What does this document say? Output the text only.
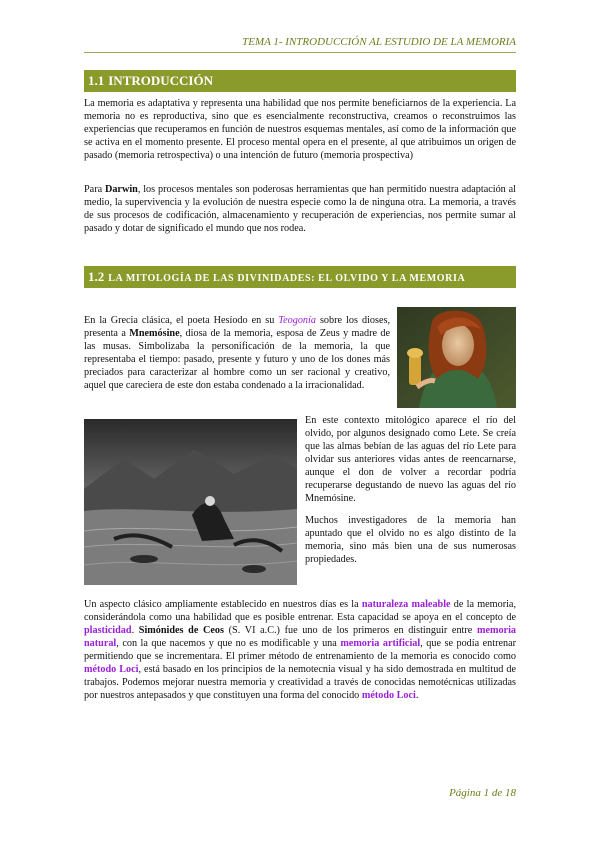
TEMA 1- INTRODUCCIÓN AL ESTUDIO DE LA MEMORIA
1.1 INTRODUCCIÓN
La memoria es adaptativa y representa una habilidad que nos permite beneficiarnos de la experiencia. La memoria no es reproductiva, sino que es esencialmente reconstructiva, creamos o reconstruimos las experiencias que recuperamos en función de nuestros esquemas mentales, así como de la información que se activa en el momento presente. El proceso mental opera en el presente, al que atribuimos un origen de pasado (memoria retrospectiva) o una intención de futuro (memoria prospectiva)
Para Darwin, los procesos mentales son poderosas herramientas que han permitido nuestra adaptación al medio, la supervivencia y la evolución de nuestra especie como la de ninguna otra. La memoria, a través de sus procesos de codificación, almacenamiento y recuperación de experiencias, nos permite sumar al pasado y dotar de significado el mundo que nos rodea.
1.2 LA MITOLOGÍA DE LAS DIVINIDADES: EL OLVIDO Y LA MEMORIA
En la Grecia clásica, el poeta Hesíodo en su Teogonía sobre los dioses, presenta a Mnemósine, diosa de la memoria, esposa de Zeus y madre de las musas. Simbolizaba la personificación de la memoria, la que representaba el tiempo: pasado, presente y futuro y uno de los dones más preciados para caracterizar al hombre como un ser racional y creativo, aquel que careciera de este don estaba condenado a la irracionalidad.
En este contexto mitológico aparece el río del olvido, por algunos designado como Lete. Se creía que las almas bebían de las aguas del río Lete para olvidar sus anteriores vidas antes de reencarnarse, aunque el don de volver a recordar podría recuperarse degustando de nuevo las aguas del río Mnemósine.
Muchos investigadores de la memoria han apuntado que el olvido no es algo distinto de la memoria, sino más bien una de sus numerosas propiedades.
Un aspecto clásico ampliamente establecido en nuestros días es la naturaleza maleable de la memoria, considerándola como una habilidad que es posible entrenar. Esta capacidad se apoya en el concepto de plasticidad. Simónides de Ceos (S. VI a.C.) fue uno de los primeros en distinguir entre memoria natural, con la que nacemos y que no es modificable y una memoria artificial, que se podía entrenar permitiendo que se incrementara. El primer método de entrenamiento de la memoria es conocido como método Loci, está basado en los principios de la nemotecnia visual y ha sido demostrada en multitud de trabajos. Podemos mejorar nuestra memoria y creatividad a través de conocidas nemotécnicas utilizadas por nuestros antepasados y que constituyen una forma del conocido método Loci.
Página 1 de 18
